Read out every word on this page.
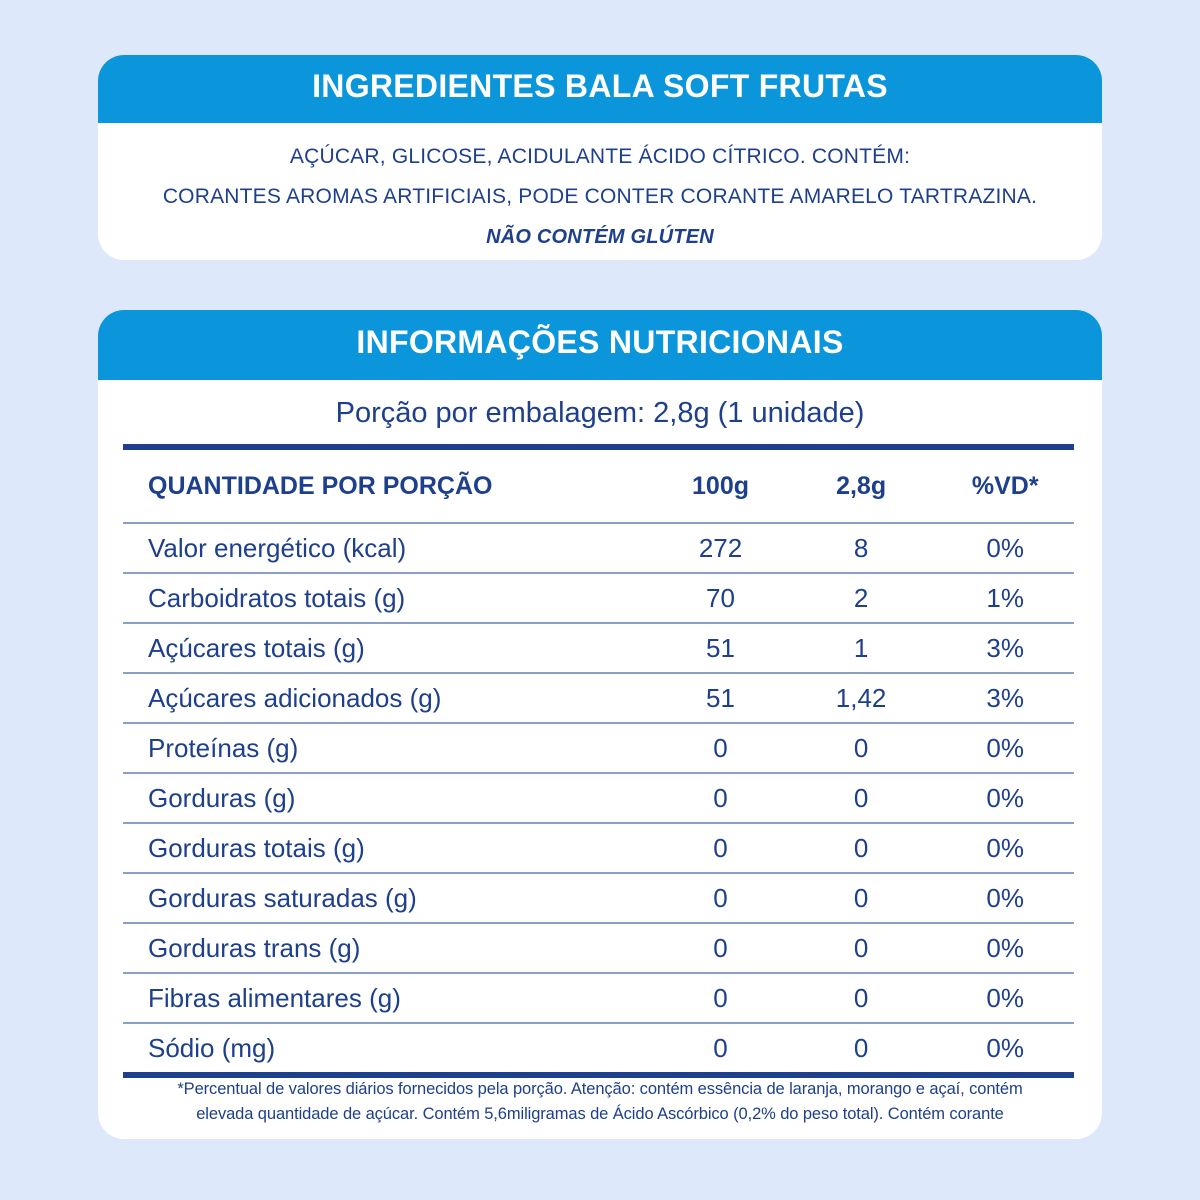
INGREDIENTES BALA SOFT FRUTAS
AÇÚCAR, GLICOSE, ACIDULANTE ÁCIDO CÍTRICO. CONTÉM:
CORANTES AROMAS ARTIFICIAIS, PODE CONTER CORANTE AMARELO TARTRAZINA.
NÃO CONTÉM GLÚTEN
INFORMAÇÕES NUTRICIONAIS
Porção por embalagem: 2,8g (1 unidade)
QUANTIDADE POR PORÇÃO	100g	2,8g	%VD*
Valor energético (kcal)	272	8	0%
Carboidratos totais (g)	70	2	1%
Açúcares totais (g)	51	1	3%
Açúcares adicionados (g)	51	1,42	3%
Proteínas (g)	0	0	0%
Gorduras (g)	0	0	0%
Gorduras totais (g)	0	0	0%
Gorduras saturadas (g)	0	0	0%
Gorduras trans (g)	0	0	0%
Fibras alimentares (g)	0	0	0%
Sódio (mg)	0	0	0%
*Percentual de valores diários fornecidos pela porção. Atenção: contém essência de laranja, morango e açaí, contém
elevada quantidade de açúcar. Contém 5,6miligramas de Ácido Ascórbico (0,2% do peso total). Contém corante
